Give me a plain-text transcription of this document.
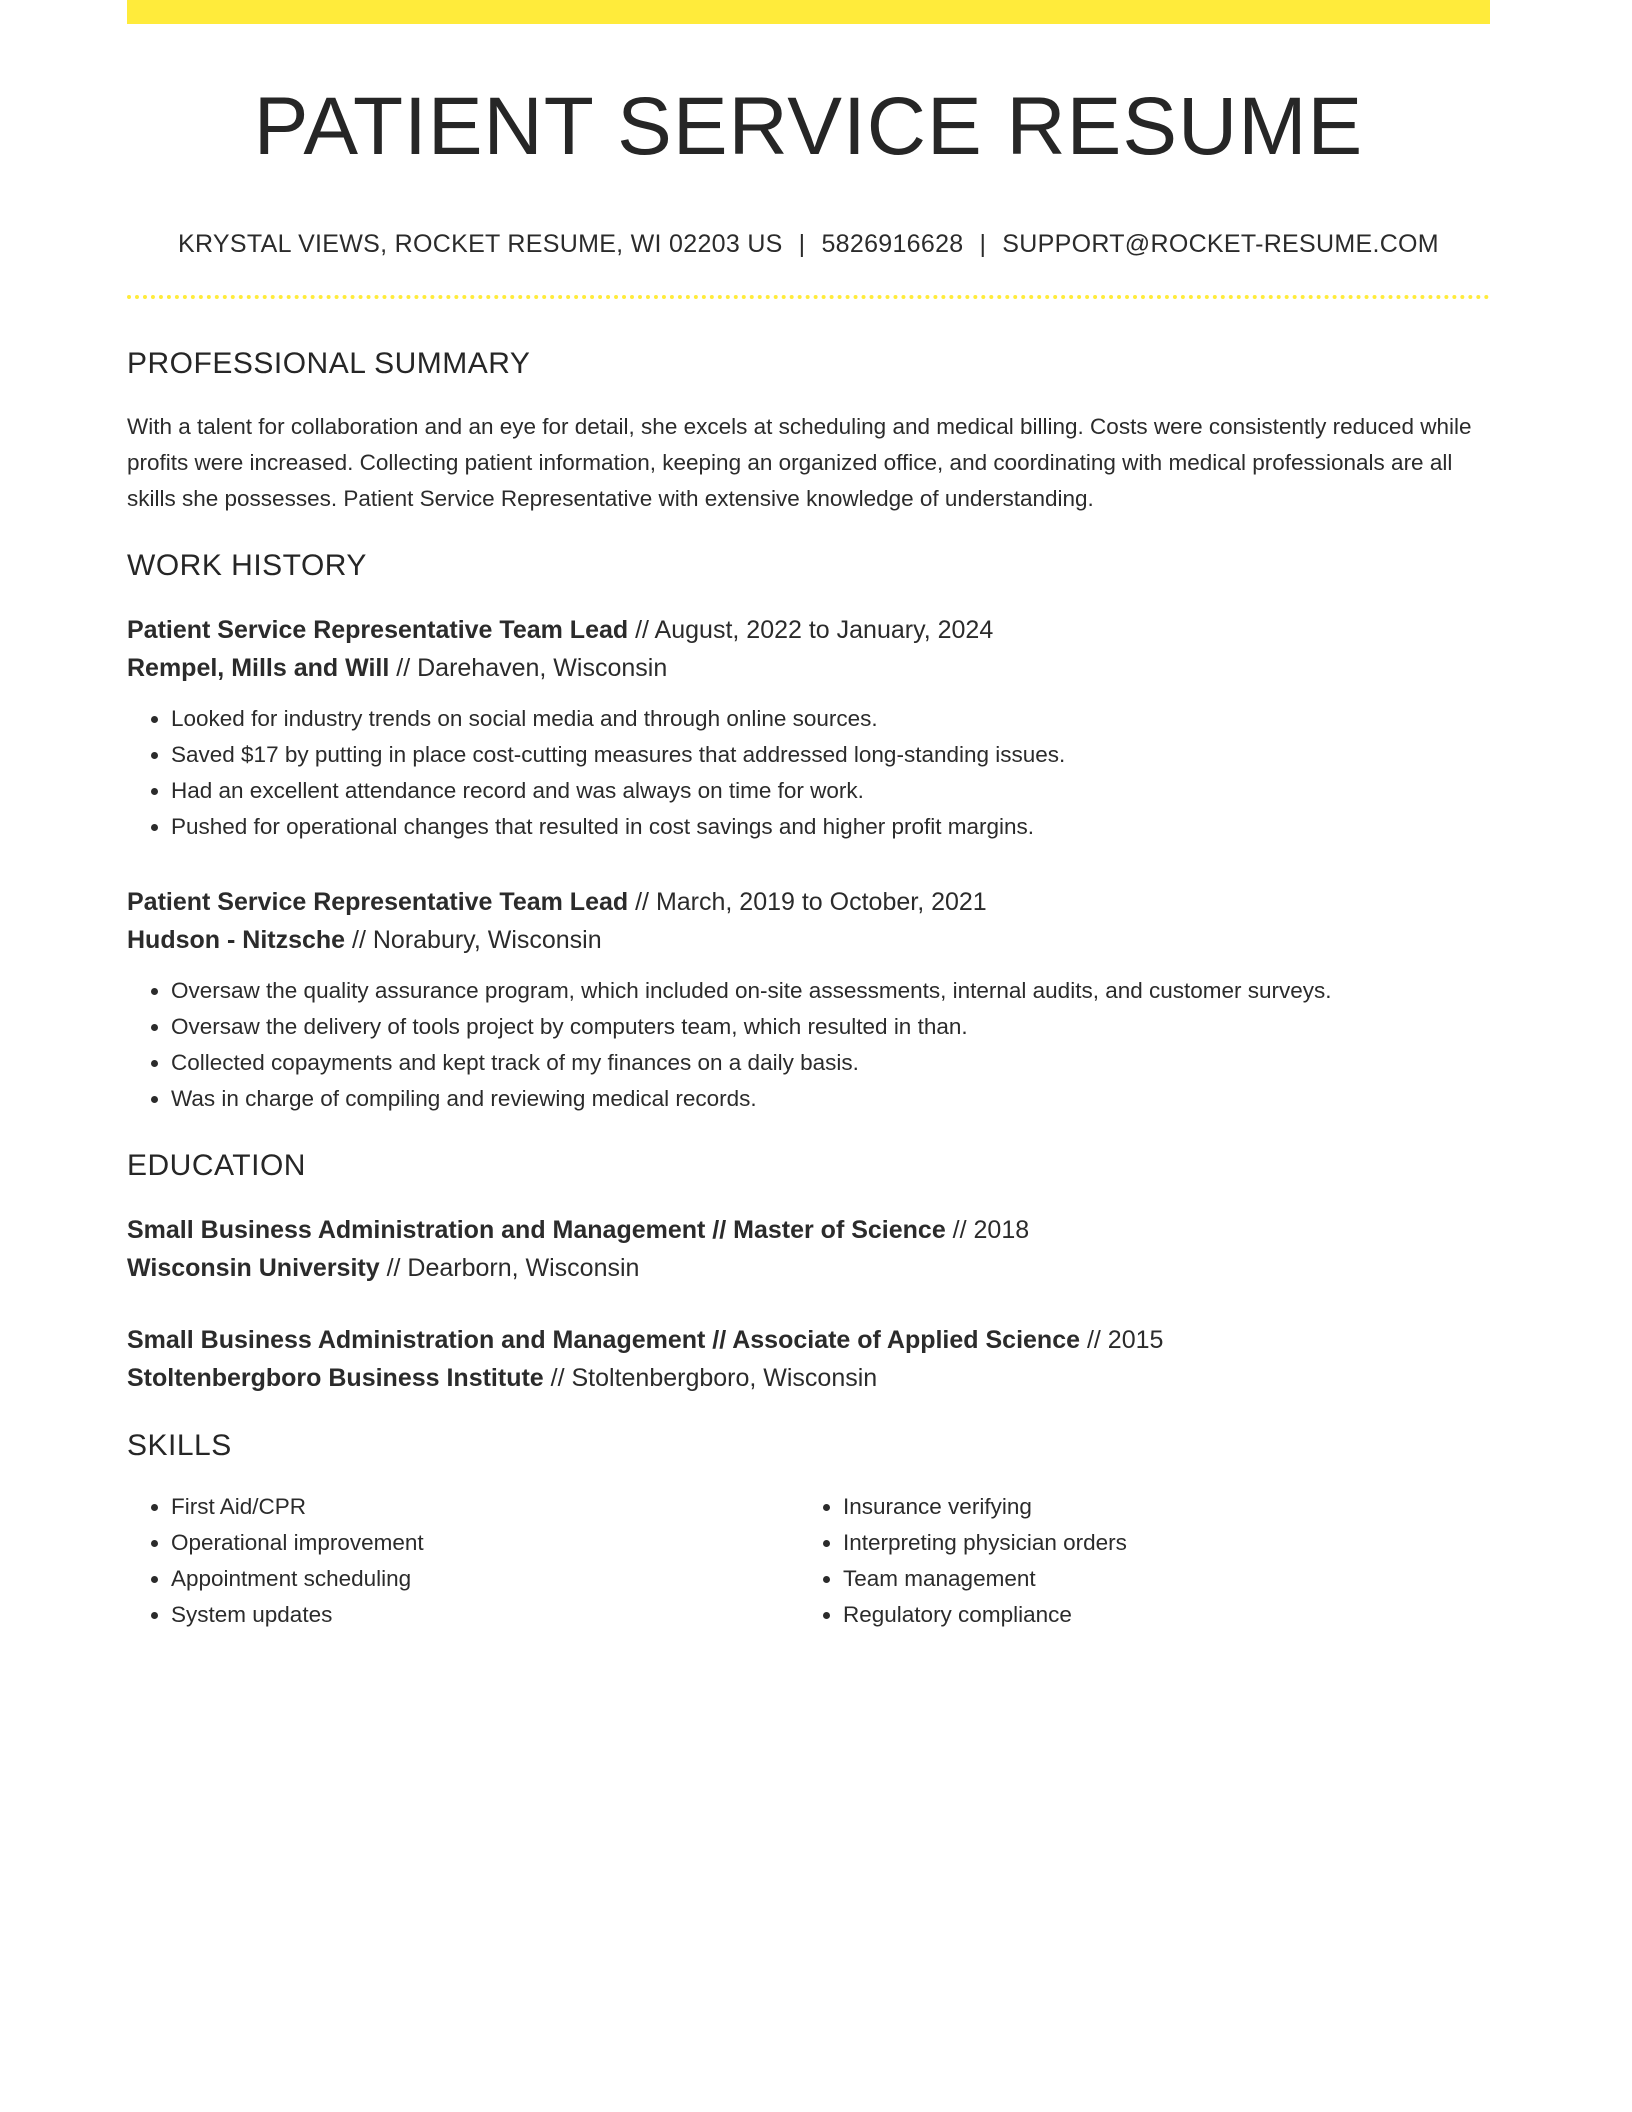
PATIENT SERVICE RESUME
KRYSTAL VIEWS, ROCKET RESUME, WI 02203 US | 5826916628 | SUPPORT@ROCKET-RESUME.COM
PROFESSIONAL SUMMARY

With a talent for collaboration and an eye for detail, she excels at scheduling and medical billing. Costs were consistently reduced while profits were increased. Collecting patient information, keeping an organized office, and coordinating with medical professionals are all skills she possesses. Patient Service Representative with extensive knowledge of understanding.

WORK HISTORY
Patient Service Representative Team Lead // August, 2022 to January, 2024
Rempel, Mills and Will // Darehaven, Wisconsin
• Looked for industry trends on social media and through online sources.
• Saved $17 by putting in place cost-cutting measures that addressed long-standing issues.
• Had an excellent attendance record and was always on time for work.
• Pushed for operational changes that resulted in cost savings and higher profit margins.
Patient Service Representative Team Lead // March, 2019 to October, 2021
Hudson - Nitzsche // Norabury, Wisconsin
• Oversaw the quality assurance program, which included on-site assessments, internal audits, and customer surveys.
• Oversaw the delivery of tools project by computers team, which resulted in than.
• Collected copayments and kept track of my finances on a daily basis.
• Was in charge of compiling and reviewing medical records.
EDUCATION
Small Business Administration and Management // Master of Science // 2018
Wisconsin University // Dearborn, Wisconsin
Small Business Administration and Management // Associate of Applied Science // 2015
Stoltenbergboro Business Institute // Stoltenbergboro, Wisconsin
SKILLS
• First Aid/CPR
• Operational improvement
• Appointment scheduling
• System updates
• Insurance verifying
• Interpreting physician orders
• Team management
• Regulatory compliance
